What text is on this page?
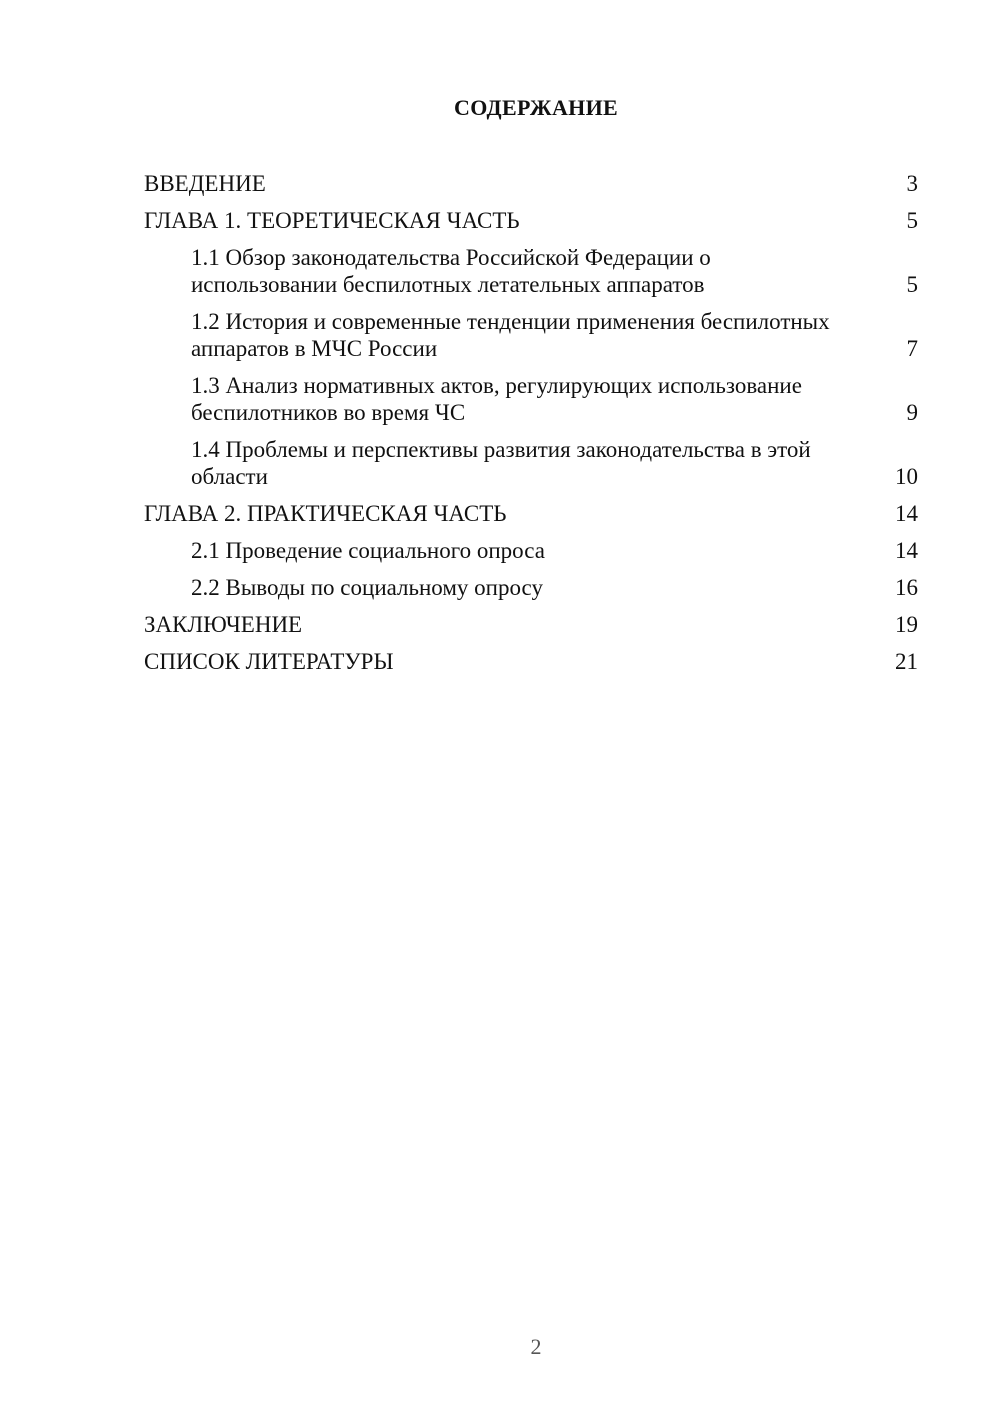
СОДЕРЖАНИЕ
ВВЕДЕНИЕ	3
ГЛАВА 1. ТЕОРЕТИЧЕСКАЯ ЧАСТЬ	5
1.1 Обзор законодательства Российской Федерации о использовании беспилотных летательных аппаратов	5
1.2 История и современные тенденции применения беспилотных аппаратов в МЧС России	7
1.3 Анализ нормативных актов, регулирующих использование беспилотников во время ЧС	9
1.4 Проблемы и перспективы развития законодательства в этой области	10
ГЛАВА 2. ПРАКТИЧЕСКАЯ ЧАСТЬ	14
2.1 Проведение социального опроса	14
2.2 Выводы по социальному опросу	16
ЗАКЛЮЧЕНИЕ	19
СПИСОК ЛИТЕРАТУРЫ	21
2
